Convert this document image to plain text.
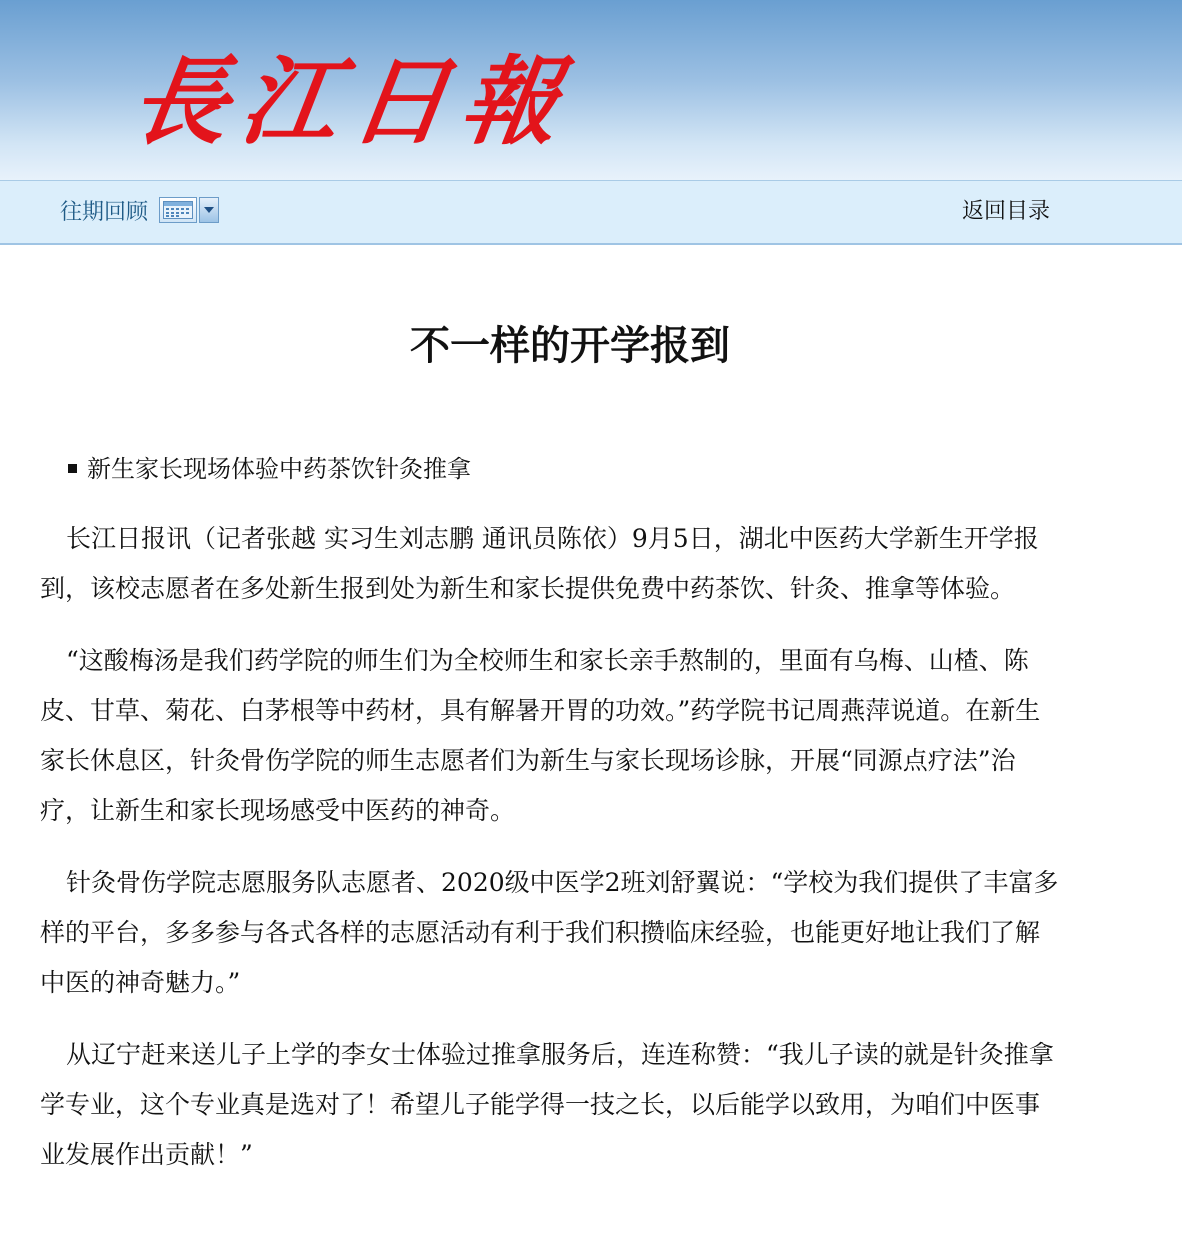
長江日報
往期回顾	返回目录
不一样的开学报到
新生家长现场体验中药茶饮针灸推拿

长江日报讯（记者张越 实习生刘志鹏 通讯员陈依）9月5日，湖北中医药大学新生开学报到，该校志愿者在多处新生报到处为新生和家长提供免费中药茶饮、针灸、推拿等体验。

“这酸梅汤是我们药学院的师生们为全校师生和家长亲手熬制的，里面有乌梅、山楂、陈皮、甘草、菊花、白茅根等中药材，具有解暑开胃的功效。”药学院书记周燕萍说道。在新生家长休息区，针灸骨伤学院的师生志愿者们为新生与家长现场诊脉，开展“同源点疗法”治疗，让新生和家长现场感受中医药的神奇。

针灸骨伤学院志愿服务队志愿者、2020级中医学2班刘舒翼说：“学校为我们提供了丰富多样的平台，多多参与各式各样的志愿活动有利于我们积攒临床经验，也能更好地让我们了解中医的神奇魅力。”

从辽宁赶来送儿子上学的李女士体验过推拿服务后，连连称赞：“我儿子读的就是针灸推拿学专业，这个专业真是选对了！希望儿子能学得一技之长，以后能学以致用，为咱们中医事业发展作出贡献！”
